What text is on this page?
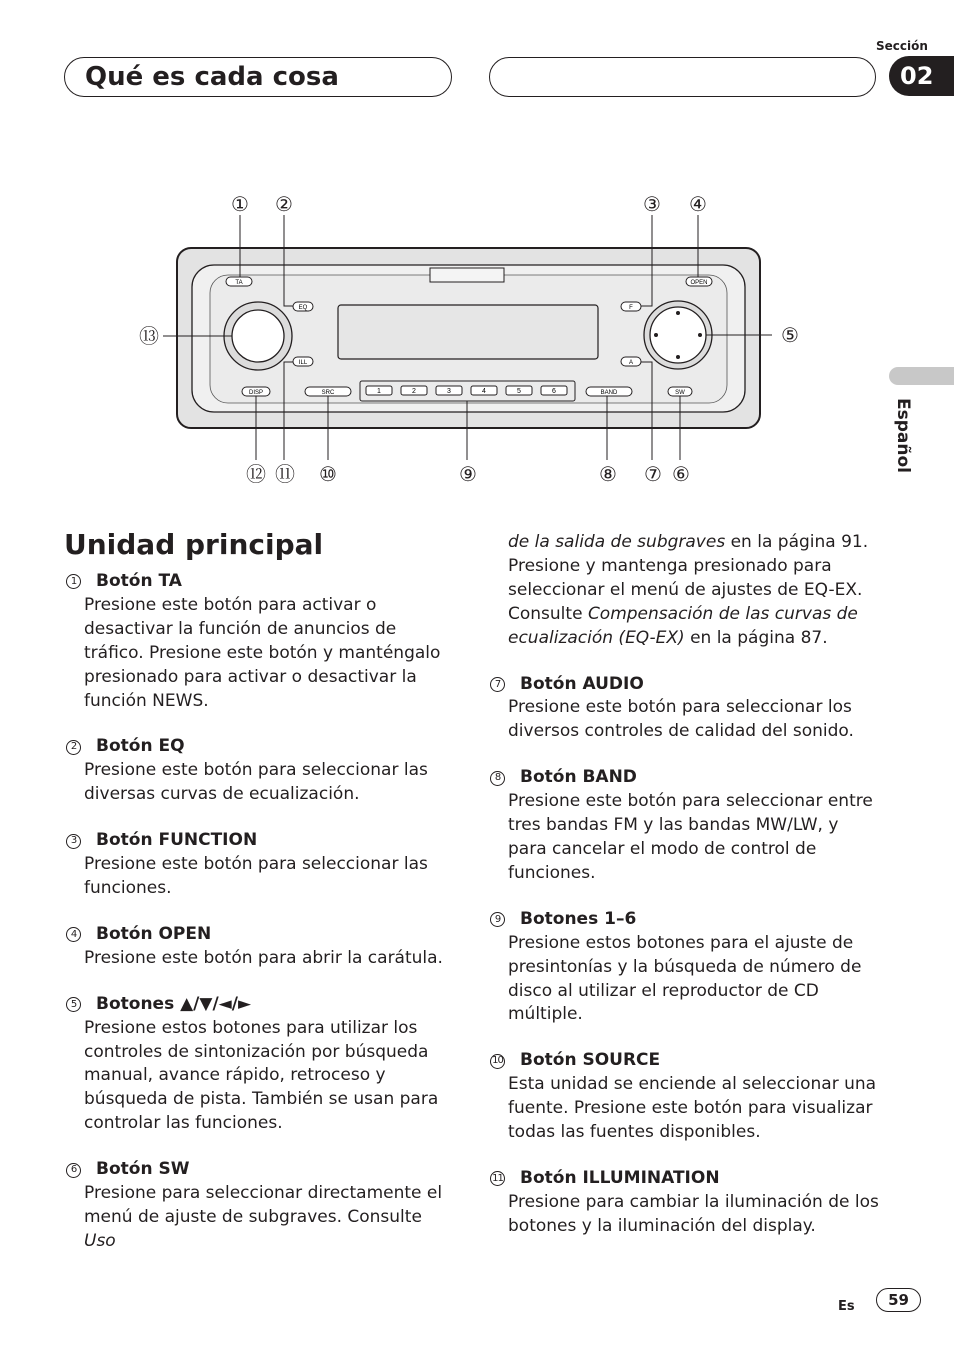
Sección
02
Qué es cada cosa
Español
TA
EQ
ILL
DISP	SRC
OPEN
F
A
BAND	SW
1	2	3	4	5	6
① ②	③ ④
⑤
⑥
⑦
⑧
⑨
⑩
⑪
⑫
⑬
Unidad principal
1 Botón TA
Presione este botón para activar o desactivar la función de anuncios de tráfico. Presione este botón y manténgalo presionado para activar o desactivar la función NEWS.
2 Botón EQ
Presione este botón para seleccionar las diversas curvas de ecualización.
3 Botón FUNCTION
Presione este botón para seleccionar las funciones.
4 Botón OPEN
Presione este botón para abrir la carátula.
5 Botones ▲/▼/◄/►
Presione estos botones para utilizar los controles de sintonización por búsqueda manual, avance rápido, retroceso y búsqueda de pista. También se usan para controlar las funciones.
6 Botón SW
Presione para seleccionar directamente el menú de ajuste de subgraves. Consulte Uso
de la salida de subgraves en la página 91. Presione y mantenga presionado para seleccionar el menú de ajustes de EQ-EX. Consulte Compensación de las curvas de ecualización (EQ-EX) en la página 87.
7 Botón AUDIO
Presione este botón para seleccionar los diversos controles de calidad del sonido.
8 Botón BAND
Presione este botón para seleccionar entre tres bandas FM y las bandas MW/LW, y para cancelar el modo de control de funciones.
9 Botones 1–6
Presione estos botones para el ajuste de presintonías y la búsqueda de número de disco al utilizar el reproductor de CD múltiple.
10 Botón SOURCE
Esta unidad se enciende al seleccionar una fuente. Presione este botón para visualizar todas las fuentes disponibles.
11 Botón ILLUMINATION
Presione para cambiar la iluminación de los botones y la iluminación del display.
Es	59
